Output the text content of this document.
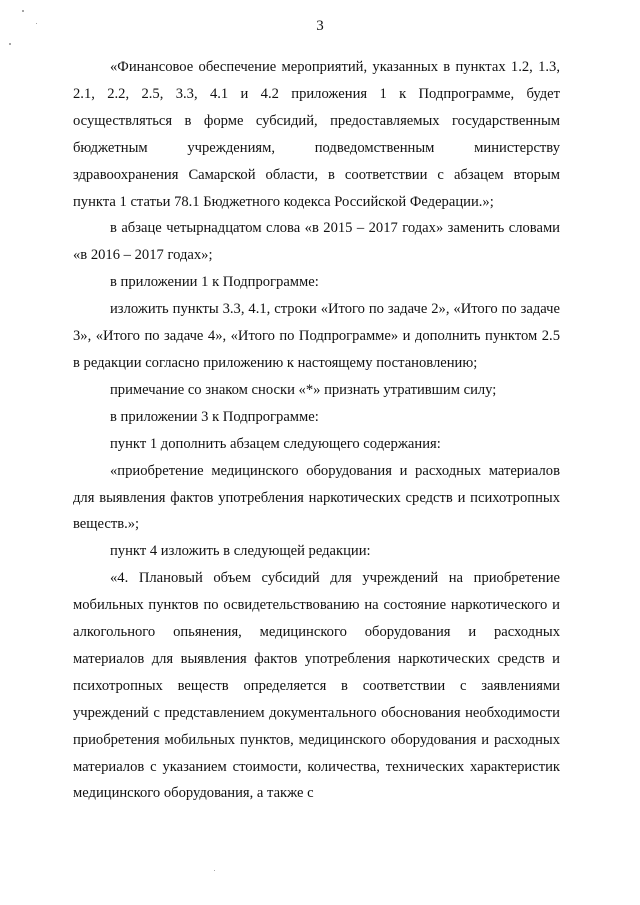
3

«Финансовое обеспечение мероприятий, указанных в пунктах 1.2, 1.3, 2.1, 2.2, 2.5, 3.3, 4.1 и 4.2 приложения 1 к Подпрограмме, будет осуществляться в форме субсидий, предоставляемых государственным бюджетным учреждениям, подведомственным министерству здравоохранения Самарской области, в соответствии с абзацем вторым пункта 1 статьи 78.1 Бюджетного кодекса Российской Федерации.»;

в абзаце четырнадцатом слова «в 2015 – 2017 годах» заменить словами «в 2016 – 2017 годах»;

в приложении 1 к Подпрограмме:

изложить пункты 3.3, 4.1, строки «Итого по задаче 2», «Итого по задаче 3», «Итого по задаче 4», «Итого по Подпрограмме» и дополнить пунктом 2.5 в редакции согласно приложению к настоящему постановлению;

примечание со знаком сноски «*» признать утратившим силу;

в приложении 3 к Подпрограмме:

пункт 1 дополнить абзацем следующего содержания:

«приобретение медицинского оборудования и расходных материалов для выявления фактов употребления наркотических средств и психотропных веществ.»;

пункт 4 изложить в следующей редакции:

«4. Плановый объем субсидий для учреждений на приобретение мобильных пунктов по освидетельствованию на состояние наркотического и алкогольного опьянения, медицинского оборудования и расходных материалов для выявления фактов употребления наркотических средств и психотропных веществ определяется в соответствии с заявлениями учреждений с представлением документального обоснования необходимости приобретения мобильных пунктов, медицинского оборудования и расходных материалов с указанием стоимости, количества, технических характеристик медицинского оборудования, а также с
